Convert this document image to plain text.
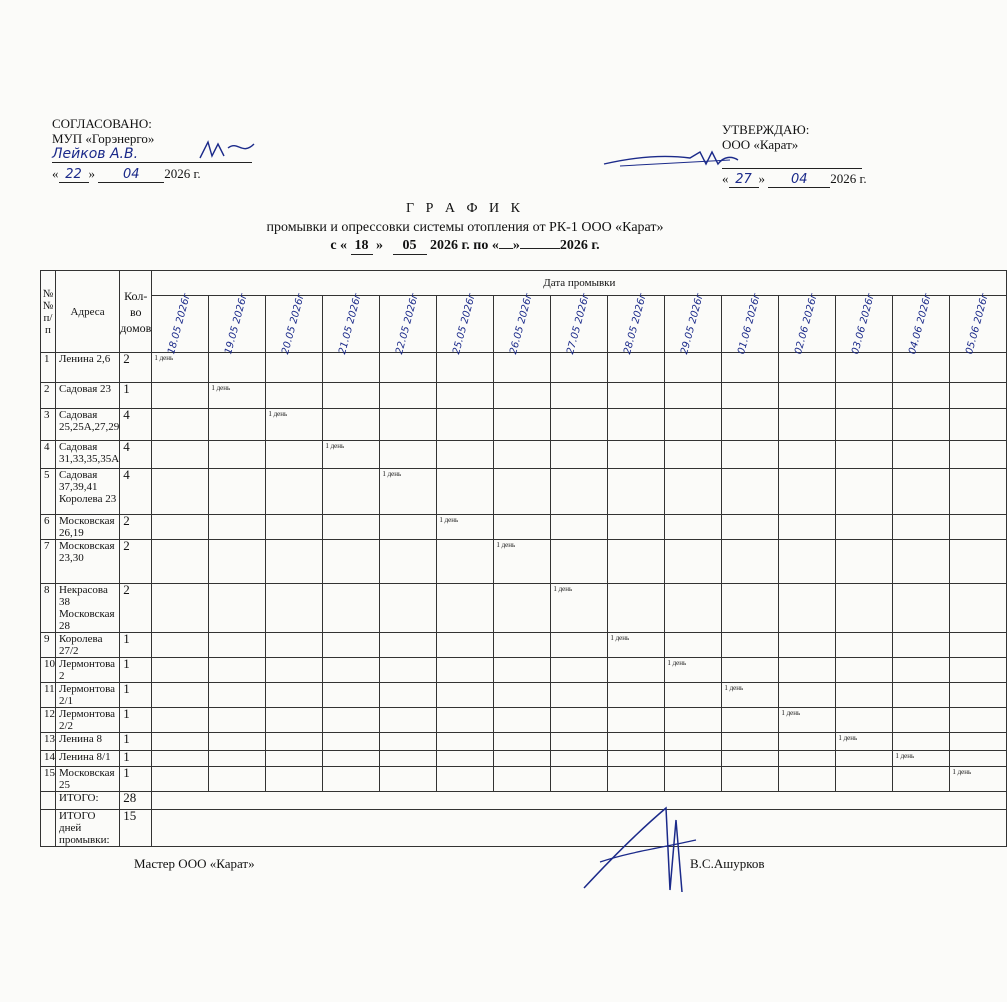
СОГЛАСОВАНО:
МУП «Горэнерго»
Лейков А.В.
« 22 » 04 2026 г.
УТВЕРЖДАЮ:
ООО «Карат»
« 27 » 04 2026 г.
Г Р А Ф И К
промывки и опрессовки системы отопления от РК-1 ООО «Карат»
с « 18 » 05 2026 г. по « »	2026 г.
№
№
п/п	Адреса	Кол-во домов	Дата промывки														

			18.05 2026г	19.05 2026г	20.05 2026г	21.05 2026г	22.05 2026г	25.05 2026г	26.05 2026г	27.05 2026г	28.05 2026г	29.05 2026г	01.06 2026г	02.06 2026г	03.06 2026г	04.06 2026г	05.06 2026г

1	Ленина 2,6	2	1 день														

2	Садовая 23	1		1 день													

3	Садовая 25,25А,27,29	4			1 день												

4	Садовая 31,33,35,35А	4				1 день											

5	Садовая 37,39,41 Королева 23	4					1 день										

6	Московская 26,19	2						1 день									

7	Московская 23,30	2							1 день								

8	Некрасова 38 Московская 28	2								1 день							

9	Королева 27/2	1									1 день						

10	Лермонтова 2	1										1 день					

11	Лермонтова 2/1	1											1 день				

12	Лермонтова 2/2	1												1 день			

13	Ленина 8	1													1 день		

14	Ленина 8/1	1														1 день	

15	Московская 25	1															1 день

	ИТОГО:	28															
	ИТОГО дней промывки:	15															
Мастер ООО «Карат»	В.С.Ашурков
